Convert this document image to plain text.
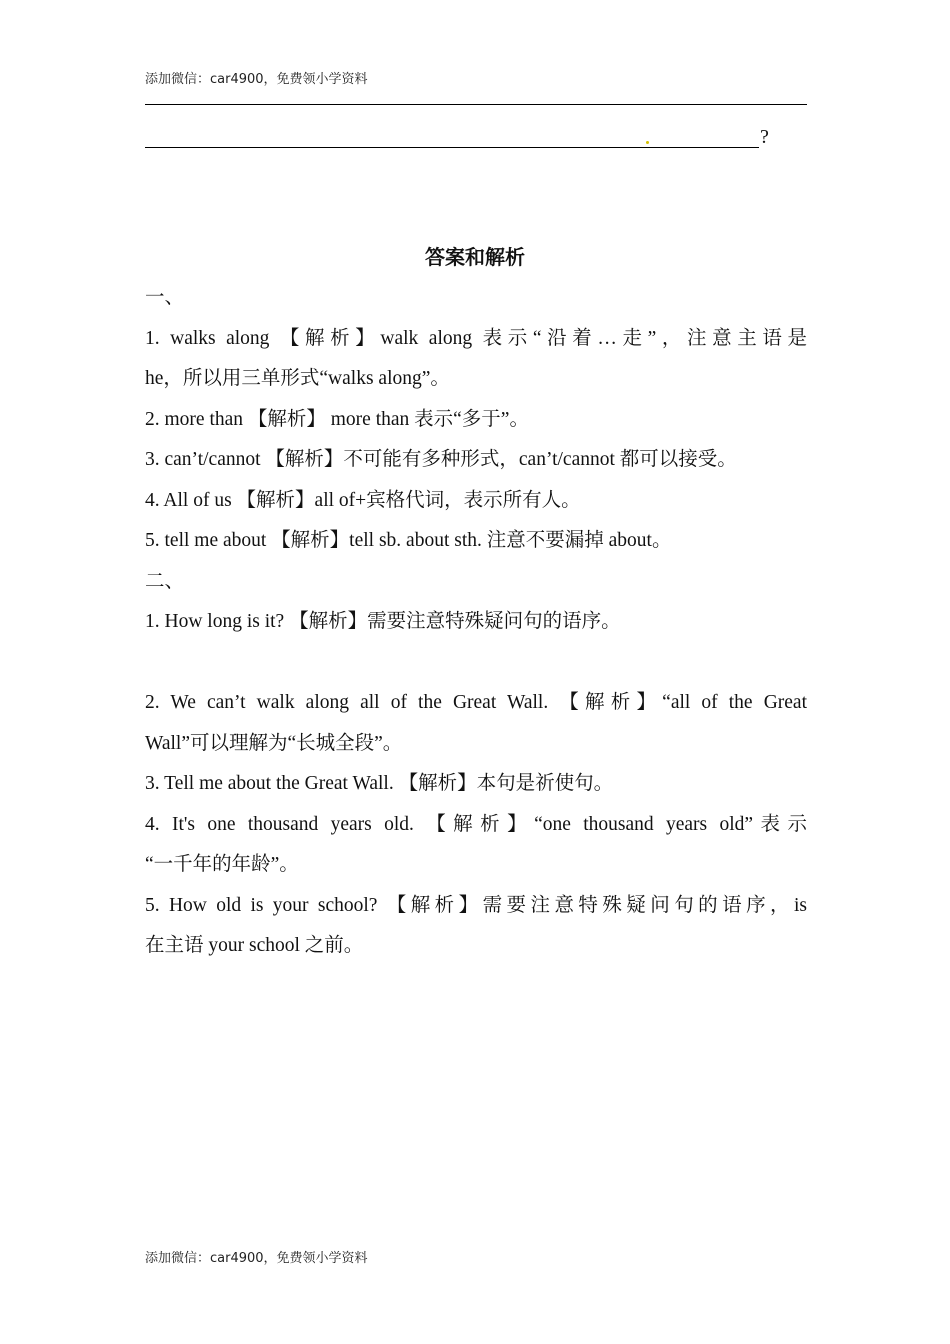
添加微信：car4900，免费领小学资料
?
答案和解析
一、
1. walks along 【解析】walk along 表示“沿着…走”，注意主语是
he，所以用三单形式“walks along”。
2. more than 【解析】 more than 表示“多于”。
3. can’t/cannot 【解析】不可能有多种形式，can’t/cannot 都可以接受。
4. All of us 【解析】all of+宾格代词，表示所有人。
5. tell me about 【解析】tell sb. about sth. 注意不要漏掉 about。
二、
1. How long is it? 【解析】需要注意特殊疑问句的语序。
2. We can’t walk along all of the Great Wall. 【解析】“all of the Great
Wall”可以理解为“长城全段”。
3. Tell me about the Great Wall. 【解析】本句是祈使句。
4. It's one thousand years old. 【解析】“one thousand years old”表示
“一千年的年龄”。
5. How old is your school? 【解析】需要注意特殊疑问句的语序，is
在主语 your school 之前。
添加微信：car4900，免费领小学资料
